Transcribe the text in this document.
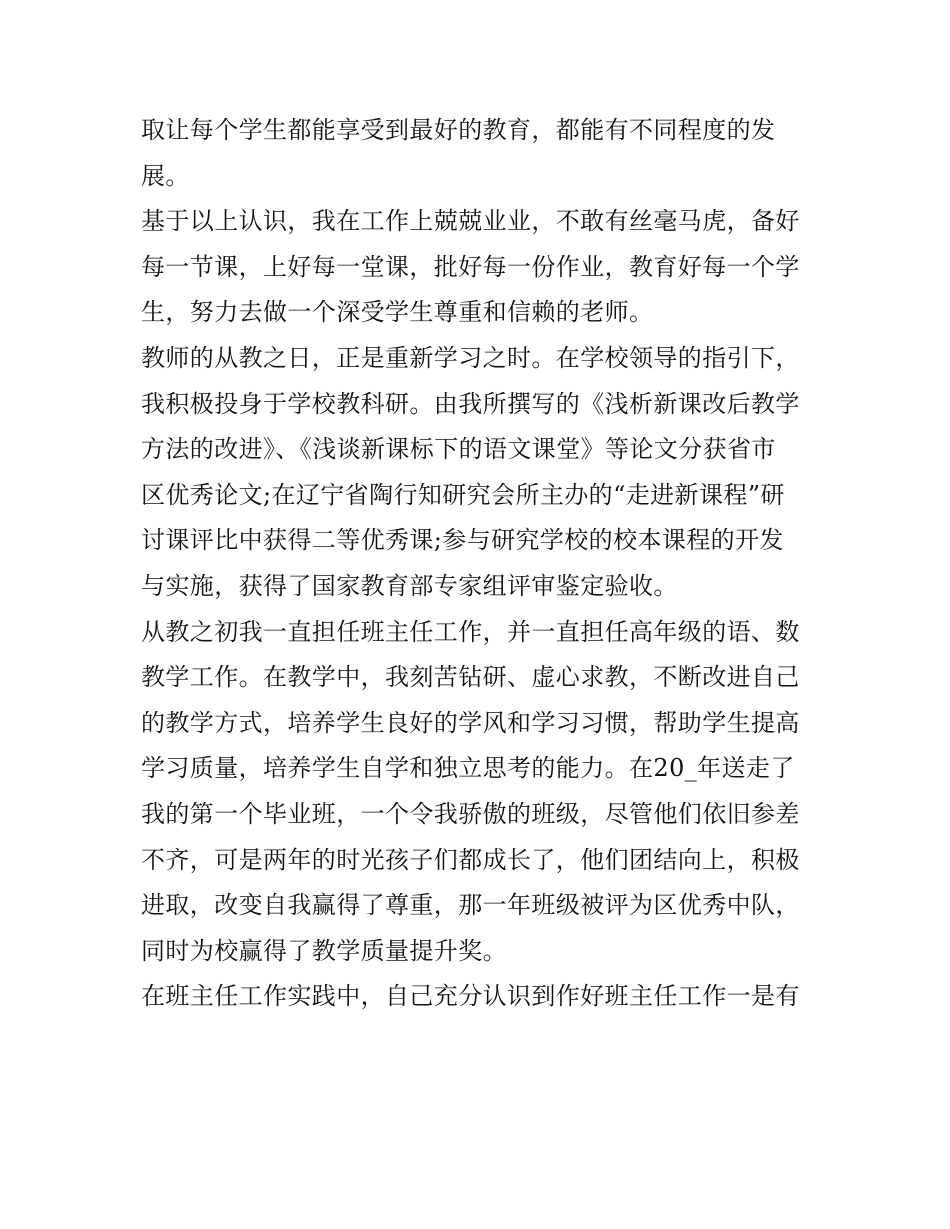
取让每个学生都能享受到最好的教育，都能有不同程度的发
展。
基于以上认识，我在工作上兢兢业业，不敢有丝毫马虎，备好
每一节课，上好每一堂课，批好每一份作业，教育好每一个学
生，努力去做一个深受学生尊重和信赖的老师。
教师的从教之日，正是重新学习之时。在学校领导的指引下，
我积极投身于学校教科研。由我所撰写的《浅析新课改后教学
方法的改进》、《浅谈新课标下的语文课堂》等论文分获省市
区优秀论文;在辽宁省陶行知研究会所主办的“走进新课程”研
讨课评比中获得二等优秀课;参与研究学校的校本课程的开发
与实施，获得了国家教育部专家组评审鉴定验收。
从教之初我一直担任班主任工作，并一直担任高年级的语、数
教学工作。在教学中，我刻苦钻研、虚心求教，不断改进自己
的教学方式，培养学生良好的学风和学习习惯，帮助学生提高
学习质量，培养学生自学和独立思考的能力。在20_年送走了
我的第一个毕业班，一个令我骄傲的班级，尽管他们依旧参差
不齐，可是两年的时光孩子们都成长了，他们团结向上，积极
进取，改变自我赢得了尊重，那一年班级被评为区优秀中队，
同时为校赢得了教学质量提升奖。
在班主任工作实践中，自己充分认识到作好班主任工作一是有
